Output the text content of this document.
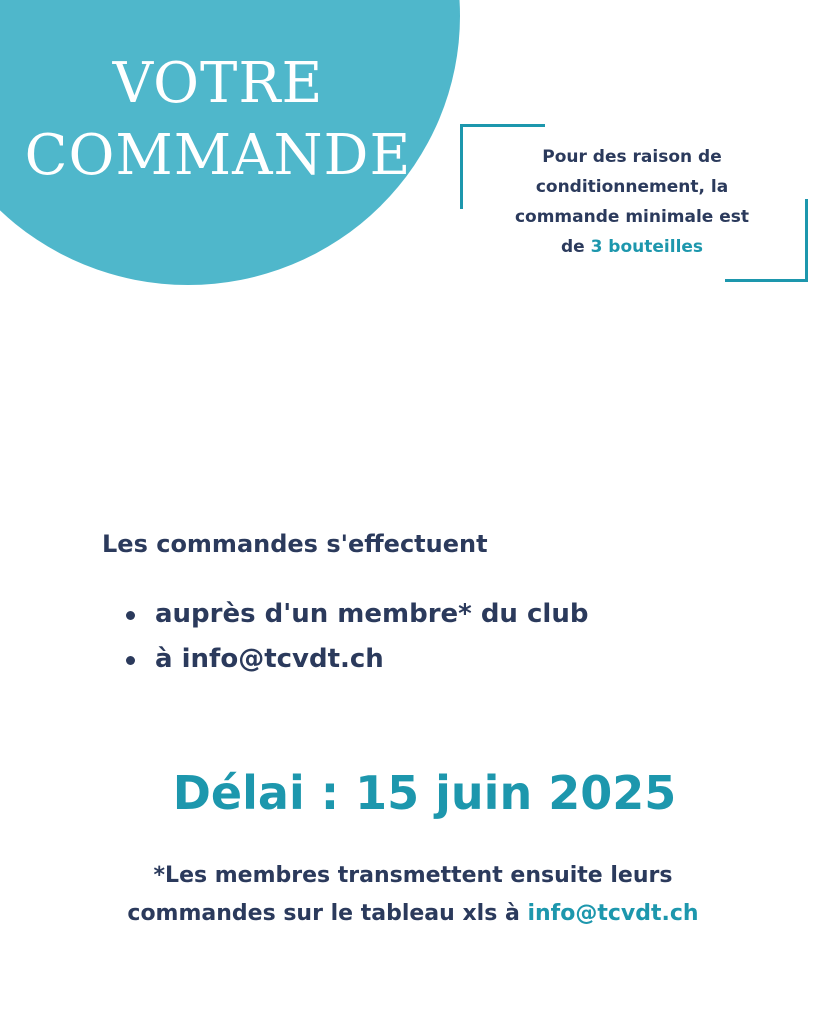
VOTRE
COMMANDE	Pour des raison de
conditionnement, la
commande minimale est
de 3 bouteilles
Les commandes s'effectuent
auprès d'un membre* du club
à info@tcvdt.ch
Délai : 15 juin 2025
*Les membres transmettent ensuite leurs
commandes sur le tableau xls à info@tcvdt.ch
